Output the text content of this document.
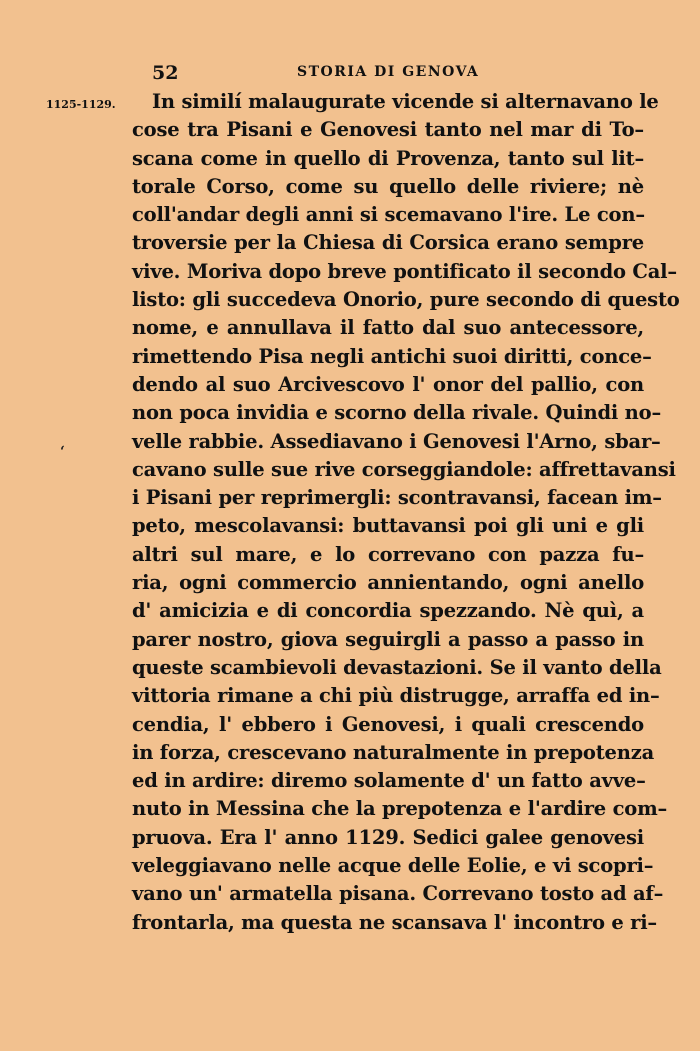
52	STORIA DI GENOVA
1125-1129.
ʻ
In similí malaugurate vicende si alternavano le
cose tra Pisani e Genovesi tanto nel mar di To–
scana come in quello di Provenza, tanto sul lit–
torale Corso, come su quello delle riviere; nè
coll'andar degli anni si scemavano l'ire. Le con–
troversie per la Chiesa di Corsica erano sempre
vive. Moriva dopo breve pontificato il secondo Cal–
listo: gli succedeva Onorio, pure secondo di questo
nome, e annullava il fatto dal suo antecessore,
rimettendo Pisa negli antichi suoi diritti, conce–
dendo al suo Arcivescovo l' onor del pallio, con
non poca invidia e scorno della rivale. Quindi no–
velle rabbie. Assediavano i Genovesi l'Arno, sbar–
cavano sulle sue rive corseggiandole: affrettavansi
i Pisani per reprimergli: scontravansi, facean im–
peto, mescolavansi: buttavansi poi gli uni e gli
altri sul mare, e lo correvano con pazza fu–
ria, ogni commercio annientando, ogni anello
d' amicizia e di concordia spezzando. Nè quì, a
parer nostro, giova seguirgli a passo a passo in
queste scambievoli devastazioni. Se il vanto della
vittoria rimane a chi più distrugge, arraffa ed in–
cendia, l' ebbero i Genovesi, i quali crescendo
in forza, crescevano naturalmente in prepotenza
ed in ardire: diremo solamente d' un fatto avve–
nuto in Messina che la prepotenza e l'ardire com–
pruova. Era l' anno 1129. Sedici galee genovesi
veleggiavano nelle acque delle Eolie, e vi scopri–
vano un' armatella pisana. Correvano tosto ad af–
frontarla, ma questa ne scansava l' incontro e ri–
